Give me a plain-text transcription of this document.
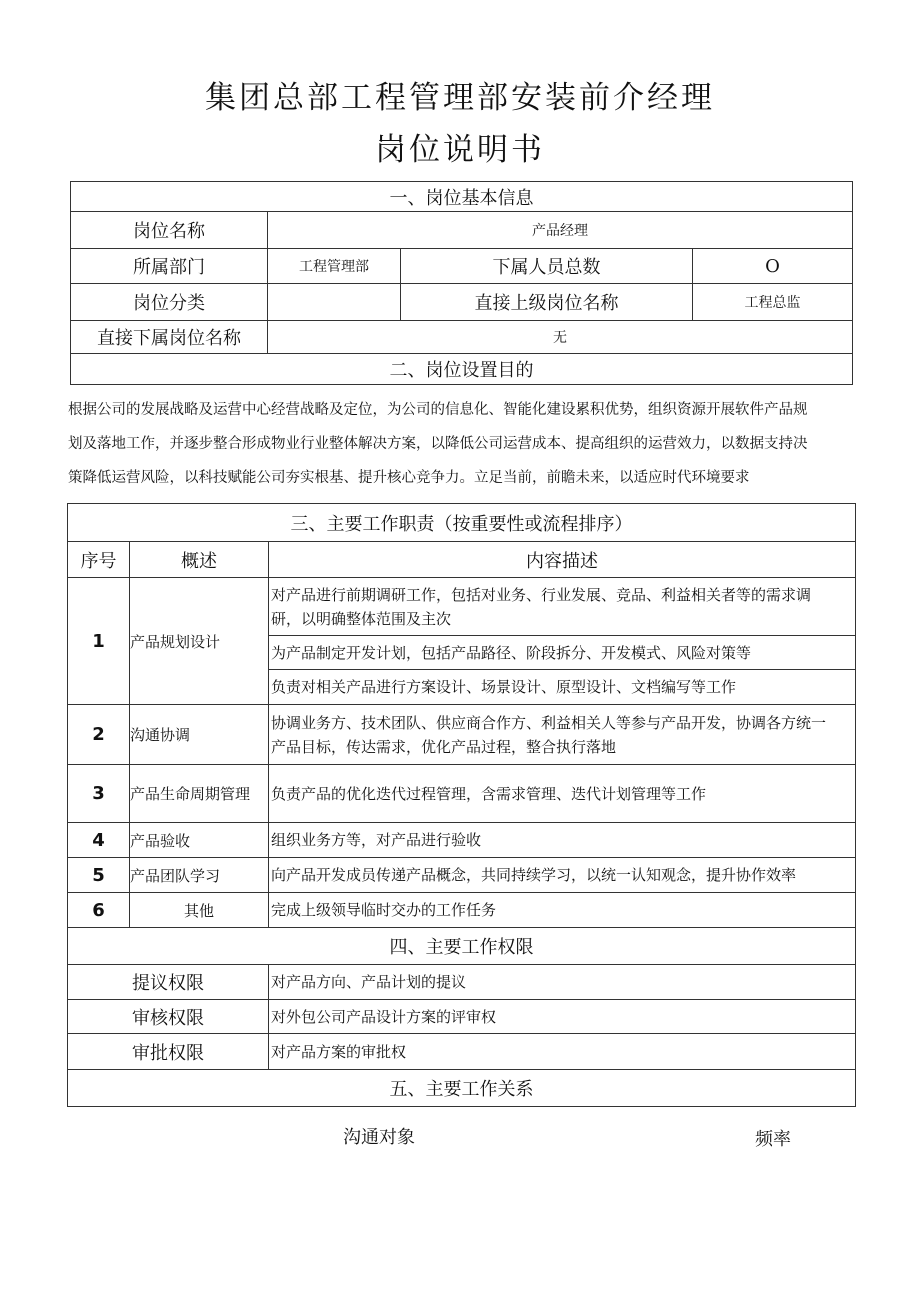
集团总部工程管理部安装前介经理
岗位说明书
一、岗位基本信息			
岗位名称	产品经理		
所属部门	工程管理部	下属人员总数	O
岗位分类		直接上级岗位名称	工程总监
直接下属岗位名称	无		
二、岗位设置目的			
根据公司的发展战略及运营中心经营战略及定位，为公司的信息化、智能化建设累积优势，组织资源开展软件产品规
划及落地工作，并逐步整合形成物业行业整体解决方案，以降低公司运营成本、提高组织的运营效力，以数据支持决
策降低运营风险，以科技赋能公司夯实根基、提升核心竞争力。立足当前，前瞻未来，以适应时代环境要求
三、主要工作职责（按重要性或流程排序）		
序号	概述	内容描述
1	产品规划设计	对产品进行前期调研工作，包括对业务、行业发展、竞品、利益相关者等的需求调
研，以明确整体范围及主次

		为产品制定开发计划，包括产品路径、阶段拆分、开发模式、风险对策等
		负责对相关产品进行方案设计、场景设计、原型设计、文档编写等工作
2	沟通协调	协调业务方、技术团队、供应商合作方、利益相关人等参与产品开发，协调各方统一
产品目标，传达需求，优化产品过程，整合执行落地

3	产品生命周期管理	负责产品的优化迭代过程管理，含需求管理、迭代计划管理等工作
4	产品验收	组织业务方等，对产品进行验收
5	产品团队学习	向产品开发成员传递产品概念，共同持续学习，以统一认知观念，提升协作效率
6	其他	完成上级领导临时交办的工作任务
四、主要工作权限		
提议权限		对产品方向、产品计划的提议
审核权限		对外包公司产品设计方案的评审权
审批权限		对产品方案的审批权
五、主要工作关系		
沟通对象	频率
